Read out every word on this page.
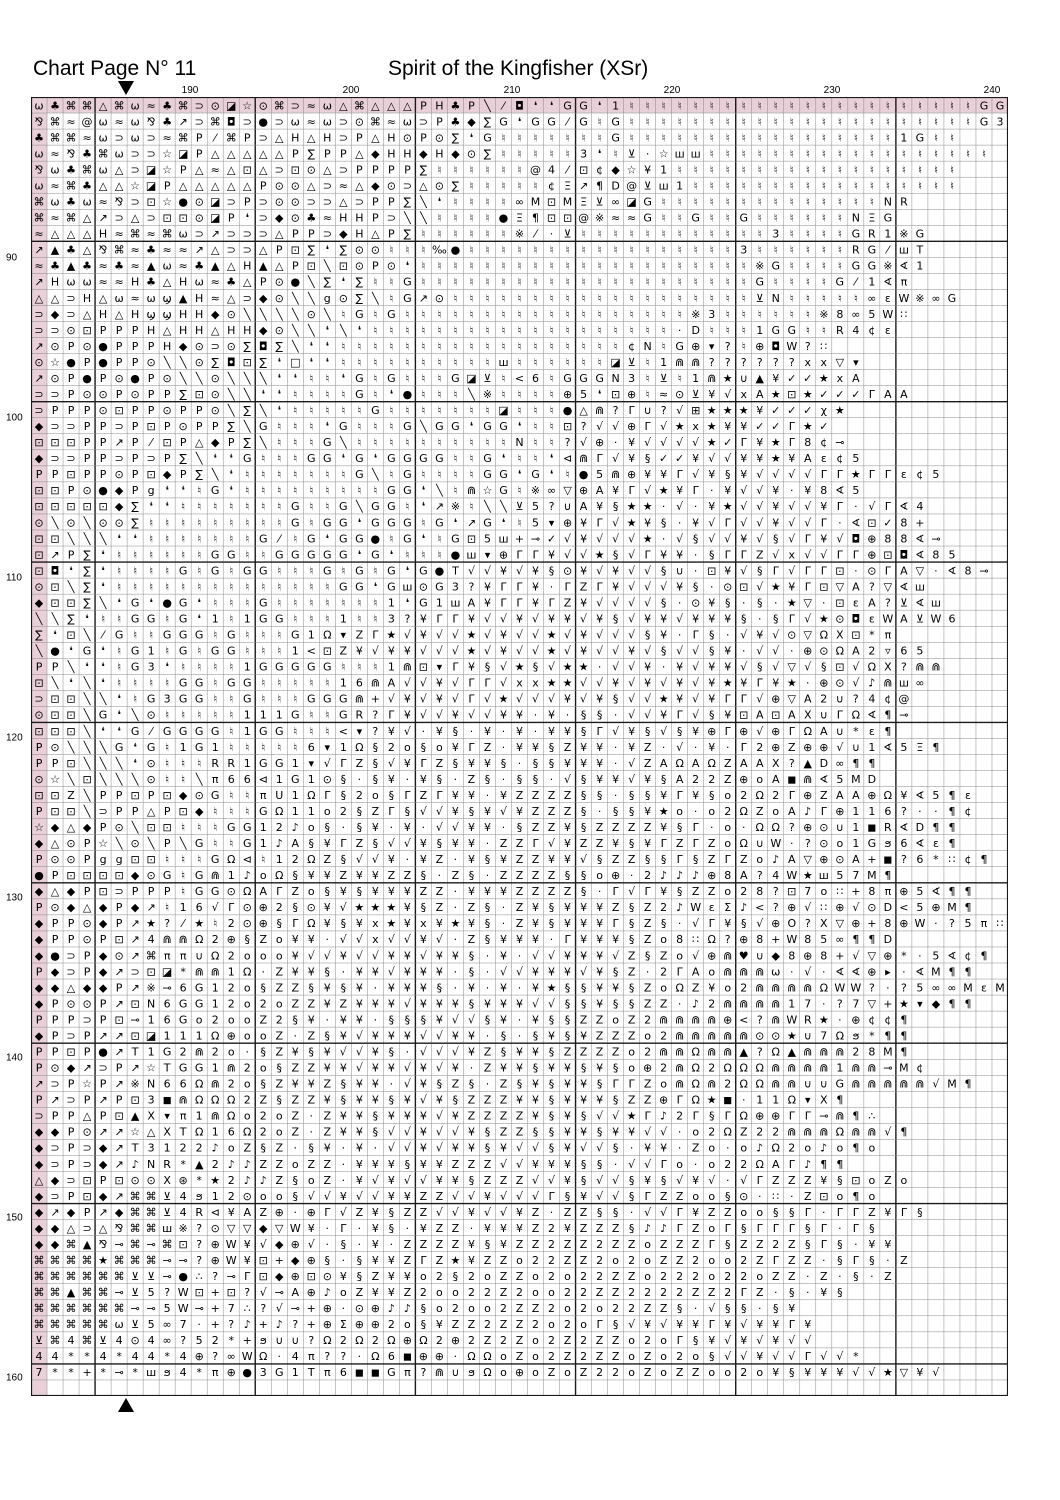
Chart Page N° 11	Spirit of the Kingfisher (XSr)
190	200	210	220	230	240
90
100
110
120
130
140
150
160
ω ♣ ⌘ ⌘ △ ⌘ ω ≈ ♣ ⌘ ⊃ ⊙ ◪ ☆ ⊙ ⌘ ⊃ ≈ ω △ ⌘ △ △ △ P H ♣ P ╲ ⁄ ◘ ❛ ❛ G G ❛ 1 ♮ ♮ ♮ ♮ ♮ ♮ ♮ ♮ ♮ ♮ ♮ ♮ ♮ ♮ ♮ ♮ ♮ ♮ ♮ ♮ ♮ ♮ G G
⅋ ⌘ ≈ @ ω ≈ ω ⅋ ♣ ↗ ⊃ ⌘ ◘ ⊃ ● ⊃ ω ≈ ω ⊃ ⊙ ⌘ ≈ ω ⊃ P ♣ ◆ ∑ G ❛ G G ⁄ G ♮ G ♮ ♮ ♮ ♮ ♮ ♮ ♮ ♮ ♮ ♮ ♮ ♮ ♮ ♮ ♮ ♮ ♮ ♮ ♮ ♮ ♮ ♮ G 3
♣ ⌘ ⌘ ≈ ω ⊃ ω ⊃ ≈ ⌘ P ⁄ ⌘ P ⊃ △ H △ H ⊃ P △ H ⊙ P ⊙ ∑ ❛ G ♮ ♮ ♮ ♮ ♮ ♮ ♮ G ♮ ♮ ♮ ♮ ♮ ♮ ♮ ♮ ♮ ♮ ♮ ♮ ♮ ♮ ♮ ♮ ♮ 1 G ♮ ♮
ω ≈ ⅋ ♣ ⌘ ω ⊃ ⊃ ☆ ◪ P △ △ △ △ △ P ∑ P P △ ◆ H H ◆ H ◆ ⊙ ∑ ♮ ♮ ♮ ♮ ♮ 3 ❛ ♮ ⊻ · ☆ ш ш ♮ ♮ ♮ ♮ ♮ ♮ ♮ ♮ ♮ ♮ ♮ ♮ ♮ ♮ ♮ ♮ ♮ ♮
⅋ ω ♣ ⌘ ω △ ⊃ ◪ ☆ P △ ≈ △ ⊡ △ ⊃ ⊡ ⊙ △ ⊃ P P P P ∑ ♮ ♮ ♮ ♮ ♮ ♮ @ 4 ⁄ ⊡ ¢ ◆ ☆ ¥ 1 ♮ ♮ ♮ ♮ ♮ ♮ ♮ ♮ ♮ ♮ ♮ ♮ ♮ ♮ ♮ ♮ ♮ ♮
ω ≈ ⌘ ♣ △ △ ☆ ◪ P △ △ △ △ △ P ⊙ ⊙ △ ⊃ ≈ △ ◆ ⊙ ⊃ △ ⊙ ∑ ♮ ♮ ♮ ♮ ♮ ¢ Ξ ↗ ¶ D @ ⊻ ш 1 ♮ ♮ ♮ ♮ ♮ ♮ ♮ ♮ ♮ ♮ ♮ ♮ ♮ ♮ ♮ ♮ ♮
⌘ ω ♣ ω ≈ ⅋ ⊃ ⊡ ☆ ● ⊙ ◪ ⊃ P ⊃ ⊙ ⊙ ⊃ ⊃ △ ⊃ P P ∑ ╲ ❛ ♮ ♮ ♮ ♮ ∞ M ⊡ M Ξ ⊻ ∞ ◪ G ♮ ♮ ♮ ♮ ♮ ♮ ♮ ♮ ♮ ♮ ♮ ♮ ♮ ♮ N R
⌘ ≈ ⌘ △ ↗ ⊃ △ ⊃ ⊡ ⊡ ⊙ ◪ P ❛ ⊃ ◆ ⊙ ♣ ≈ H H P ⊃ ╲ ╲ ♮ ♮ ♮ ♮ ● Ξ ¶ ⊡ ⊡ @ ※ ≈ ≈ G ♮ ♮ G ♮ ♮ G ♮ ♮ ♮ ♮ ♮ ♮ N Ξ G
≈ △ △ △ H ≈ ⌘ ≈ ⌘ ω ⊃ ↗ ⊃ ⊃ ⊃ △ P P ⊃ ◆ H △ P ∑ ♮ ♮ ♮ ♮ ♮ ♮ ※ ⁄ · ⊻ ♮ ♮ ♮ ♮ ♮ ♮ ♮ ♮ ♮ ♮ ♮ ♮ 3 ♮ ♮ ♮ ♮ G R 1 ※ G
↗ ▲ ♣ △ ⅋ ⌘ ≈ ♣ ≈ ≈ ↗ △ ⊃ ⊃ △ P ⊡ ∑ ❛ ∑ ⊙ ⊙ ♮ ♮ ♮ ‰ ● ♮ ♮ ♮ ♮ ♮ ♮ ♮ ♮ ♮ ♮ ♮ ♮ ♮ ♮ ♮ ♮ ♮ 3 ♮ ♮ ♮ ♮ ♮ ♮ R G ⁄ ш T
≈ ♣ ▲ ♣ ≈ ♣ ≈ ▲ ω ≈ ♣ ▲ △ H ▲ △ P ⊡ ╲ ⊡ ⊙ P ⊙ ❛ ♮ ♮ ♮ ♮ ♮ ♮ ♮ ♮ ♮ ♮ ♮ ♮ ♮ ♮ ♮ ♮ ♮ ♮ ♮ ♮ ♮ ※ G ♮ ♮ ♮ ♮ G G ※ ∢ 1
↗ H ω ω ≈ ≈ H ♣ △ H ω ≈ ♣ △ P ⊙ ● ╲ ∑ ❛ ∑ ♮ ♮ G ♮ ♮ ♮ ♮ ♮ ♮ ♮ ♮ ♮ ♮ ♮ ♮ ♮ ♮ ♮ ♮ ♮ ♮ ♮ ♮ ♮ G ♮ ♮ ♮ ♮ G ⁄ 1 ∢ π
△ △ ⊃ H △ ω ≈ ω ϣ ▲ H ≈ △ ⊃ ◆ ⊙ ╲ ╲ g ⊙ ∑ ╲ ♮ G ↗ ⊙ ♮ ♮ ♮ ♮ ♮ ♮ ♮ ♮ ♮ ♮ ♮ ♮ ♮ ♮ ♮ ♮ ♮ ♮ ♮ ⊻ N ♮ ♮ ♮ ♮ ♮ ∞ ε W ※ ∞ G
⊃ ◆ ⊃ △ H △ H ϣ ϣ H H ◆ ⊙ ╲ ╲ ╲ ╲ ⊙ ╲ ♮ G ♮ G ♮ ♮ ♮ ♮ ♮ ♮ ♮ ♮ ♮ ♮ ♮ ♮ ♮ ♮ ♮ ♮ ♮ ♮ ※ 3 ♮ ♮ ♮ ♮ ♮ ♮ ※ 8 ∞ 5 W ∷
⊃ ⊃ ⊙ ⊡ P P P H △ H H △ H H ◆ ⊙ ╲ ╲ ❛ ╲ ❛ ♮ ♮ ♮ ♮ ♮ ♮ ♮ ♮ ♮ ♮ ♮ ♮ ♮ ♮ ♮ ♮ ♮ ♮ ♮ · D ♮ ♮ ♮ 1 G G ♮ ♮ R 4 ¢ ε
↗ ⊙ P ⊙ ● P P P H ◆ ⊙ ⊃ ⊙ ∑ ◘ ∑ ╲ ❛ ❛ ♮ ♮ ♮ ♮ ♮ ♮ ♮ ♮ ♮ ♮ ♮ ♮ ♮ ♮ ♮ ♮ ♮ ♮ ¢ N ♮ G ⊕ ▾ ? ♮ ⊕ ◘ W ? ∷
⊙ ☆ ● P ● P P ⊙ ╲ ╲ ⊙ ∑ ◘ ⊡ ∑ ❛ □ ❛ ❛ ♮ ♮ ♮ ♮ ♮ ♮ ♮ ♮ ♮ ♮ ш ♮ ♮ ♮ ♮ ♮ ♮ ◪ ⊻ ♮ 1 ⋒ ⋒ ? ? ? ? ? ? x x ▽ ▾
↗ ⊙ P ● P ⊙ ● P ⊙ ╲ ╲ ⊙ ╲ ╲ ╲ ❛ ❛ ♮ ♮ ❛ G ♮ G ♮ ♮ ♮ G ◪ ⊻ ♮ < 6 ♮ G G G N 3 ♮ ⊻ ♮ 1 ⋒ ★ ∪ ▲ ¥ ✓ ✓ ★ x A
⊃ ⊃ P ⊙ ⊙ P ⊙ P P ∑ ⊡ ⊙ ╲ ╲ ❛ ❛ ♮ ♮ ♮ ♮ G ♮ ❛ ● ♮ ♮ ♮ ╲ ※ ♮ ♮ ♮ ♮ ⊕ 5 ❛ ⊡ ⊕ ♮ ≈ ⊙ ⊻ ¥ √ x A ★ ⊡ ★ ✓ ✓ ✓ Γ A A
⊃ P P P ⊙ ⊡ P P ⊙ P P ⊙ ╲ ∑ ╲ ❛ ♮ ♮ ♮ ♮ ♮ G ♮ ♮ ♮ ♮ ♮ ♮ ♮ ◪ ♮ ♮ ♮ ● △ ⋒ ? Γ ∪ ? √ ⊞ ★ ★ ★ ¥ ✓ ✓ ✓ χ ★
◆ ⊃ ⊃ P P ⊃ P ⊡ P ⊙ P P ∑ ╲ G ♮ ♮ ♮ ❛ G ♮ ♮ ♮ G ╲ G G ❛ G G ❛ ♮ ♮ ⊡ ? √ √ ⊕ Γ √ ★ x ★ ¥ ¥ ✓ ✓ Γ ★ ✓
⊡ ⊡ ⊡ P P ↗ P ⁄ ⊡ P △ ◆ P ∑ ╲ ♮ ♮ ♮ G ╲ ♮ ♮ ♮ ♮ ♮ ♮ ♮ ♮ ♮ ♮ N ♮ ♮ ? √ ⊕ · ¥ √ √ √ √ ★ ✓ Γ ¥ ★ Γ 8 ¢ ⊸
◆ ⊃ ⊃ P P ⊃ P ⊃ P ∑ ╲ ❛ ❛ G ♮ ♮ ♮ G G ❛ G ❛ G G G G ♮ ♮ G ❛ ♮ ♮ ❛ ⊲ ⋒ Γ √ ¥ § ✓ ✓ ¥ √ √ ¥ ¥ ★ ¥ A ε ¢ 5
P P ⊡ P P ⊙ P ⊡ ◆ P ∑ ╲ ❛ ♮ ♮ ♮ ♮ ♮ ♮ ♮ G ╲ ♮ G ♮ ♮ ♮ ♮ G G ❛ G ❛ ♮ ● 5 ⋒ ⊕ ¥ ¥ Γ √ ¥ § ¥ √ √ √ √ Γ Γ ★ Γ Γ ε ¢ 5
⊡ ⊡ P ⊙ ● ◆ P g ❛ ❛ ♮ G ❛ ♮ ♮ ♮ ♮ ♮ ♮ ♮ ♮ ♮ G G ❛ ╲ ♮ ⋒ ☆ G ♮ ※ ∞ ▽ ⊕ A ¥ Γ √ ★ ¥ Γ · ¥ √ √ ¥ · ¥ 8 ∢ 5
⊡ ⊡ ⊡ ⊡ ⊡ ◆ ∑ ❛ ❛ ♮ ♮ ♮ ♮ ♮ ♮ ♮ G ♮ ♮ G ╲ G G ♮ ❛ ↗ ※ ♮ ╲ ╲ ⊻ 5 ? ∪ A ¥ § ★ ★ · √ · ¥ ★ √ √ ¥ √ √ ¥ Γ · √ Γ ∢ 4
⊙ ╲ ⊙ ╲ ⊙ ⊙ ∑ ♮ ♮ ♮ ♮ ♮ ♮ ♮ ♮ ♮ G ♮ G G ❛ G G G ♮ G ❛ ↗ G ❛ ♮ 5 ▾ ⊕ ¥ Γ √ ★ ¥ § · ¥ √ Γ √ √ ¥ √ √ Γ · ∢ ⊡ ✓ 8 +
⊡ ⊡ ╲ ╲ ╲ ❛ ❛ ♮ ♮ ♮ ♮ ♮ ♮ ♮ G ⁄ ♮ G ❛ G G ● ♮ G ❛ ♮ G ⊡ 5 ш + ⊸ ✓ √ ¥ √ √ √ ★ · √ § √ √ ¥ √ § √ Γ ¥ √ ◘ ⊕ 8 8 ∢ ⊸
⊡ ↗ P ∑ ❛ ♮ ♮ ♮ ♮ ♮ ♮ G G ♮ ♮ G G G G G ❛ G ❛ ♮ ♮ ♮ ● ш ▾ ⊕ Γ Γ ¥ √ √ ★ § √ Γ ¥ ¥ · § Γ Γ Z √ x √ √ Γ Γ ⊕ ⊡ ◘ ∢ 8 5
⊡ ◘ ❛ ∑ ❛ ♮ ♮ ♮ ♮ G ♮ G ♮ G G ♮ ♮ ♮ G ♮ G ♮ G ❛ G ● T √ √ ¥ √ ¥ § ⊙ ¥ √ ¥ √ √ § ∪ · ⊡ ¥ √ § Γ √ Γ Γ ⊡ · ⊙ Γ A ▽ · ∢ 8 ⊸
⊙ ⊡ ╲ ∑ ❛ ♮ ♮ ♮ ♮ ♮ ♮ ♮ ♮ ♮ ♮ ♮ ♮ ♮ ♮ G G ❛ G ш ⊙ G 3 ? ¥ Γ Γ ¥ · Γ Z Γ ¥ √ √ √ ¥ § · ⊙ ⊡ √ ★ ¥ Γ ⊡ ▽ A ? ▽ ∢ ш
◆ ⊡ ⊡ ∑ ╲ ❛ G ❛ ● G ❛ ♮ ♮ ♮ G ♮ ♮ ♮ ♮ ♮ ♮ ♮ 1 ❛ G 1 ш A ¥ Γ Γ ¥ Γ Z ¥ √ √ √ √ § · ⊙ ¥ § · § · ★ ▽ · ⊡ ε A ? ⊻ ∢ ш
╲ ╲ ∑ ❛ ♮ ♮ G G ♮ G ❛ 1 ♮ 1 G G ♮ ♮ ♮ 1 ♮ ♮ 3 ? ¥ Γ Γ ¥ √ √ ¥ √ ¥ ¥ √ ¥ § √ ¥ ¥ √ ¥ ¥ ¥ § · § Γ √ ★ ⊙ ◘ ε W A ⊻ W 6
∑ ❛ ⊡ ╲ ⁄ G ♮ ♮ G G G ♮ G ♮ ♮ ♮ G 1 Ω ▾ Z Γ ★ √ ¥ √ √ ★ √ ¥ √ √ ★ √ ¥ √ √ √ § ¥ · Γ § · √ ¥ √ ⊙ ▽ Ω X ⊡ * π
╲ ● ❛ G ❛ ♮ G 1 ♮ G ♮ G G ♮ ♮ ♮ 1 < ⊡ Z ¥ √ ¥ ¥ √ √ √ ★ √ ¥ √ √ ★ √ ¥ √ √ ¥ √ § √ √ § ¥ · √ √ · ⊕ ⊙ Ω A 2 ▿ 6 5
P P ╲ ❛ ❛ ♮ G 3 ❛ ♮ ♮ ♮ ♮ 1 G G G G G ♮ ♮ ♮ 1 ⋒ ⊡ ▾ Γ ¥ § √ ★ § √ ★ ★ · √ √ ¥ · ¥ √ ¥ ¥ √ § √ ▽ √ § ⊡ √ Ω X ? ⋒ ⋒
⊡ ╲ ❛ ╲ ❛ ♮ ♮ ♮ ♮ G G ♮ G G ♮ ♮ ♮ ♮ ♮ 1 6 ⋒ A √ √ ¥ √ Γ Γ √ x x ★ ★ √ √ ¥ √ ¥ √ ¥ √ ¥ ★ ¥ Γ ¥ ★ · ⊕ ⊙ √ ♪ ⋒ ш ∞
⊃ ⊡ ⊡ ╲ ╲ ❛ ♮ G 3 G G ♮ ♮ G ♮ ♮ ♮ G G G ⋒ + √ ¥ √ ¥ √ Γ √ ★ √ √ √ ¥ √ ¥ § √ √ ★ ¥ √ ¥ Γ Γ √ ⊕ ▽ A 2 ∪ ? 4 ¢ @
⊙ ⊡ ⊡ ╲ G ❛ ╲ ⊙ ♮ ♮ ♮ ♮ ♮ 1 1 1 G ♮ ♮ G R ? Γ ¥ √ √ ¥ √ √ ¥ ¥ · ¥ · § § · √ √ ¥ Γ √ § ¥ ⊡ A ⊡ A X ∪ Γ Ω ∢ ¶ ⊸
⊡ ⊡ ⊡ ╲ ❛ ❛ G ⁄ G G G G ♮ 1 G G ♮ ♮ ♮ < ▾ ? ¥ √ · ¥ § · ¥ · ¥ · ¥ ¥ § Γ √ ¥ § √ § ¥ ⊕ Γ ⊕ √ ⊕ Γ Ω A ∪ * ε ¶
P ⊙ ╲ ╲ ╲ G ❛ G ♮ 1 G 1 ♮ ♮ ♮ ♮ ♮ 6 ▾ 1 Ω § 2 o § o ¥ Γ Z · ¥ ¥ § Z ¥ ¥ · ¥ Z · √ · ¥ · Γ 2 ⊕ Z ⊕ ⊕ √ ∪ 1 ∢ 5 Ξ ¶
P P ⊡ ╲ ╲ ╲ ❛ ⊙ ♮ ♮ ♮ R R 1 G G 1 ▾ √ Γ Z § √ ¥ Γ Z § ¥ ¥ § · § § ¥ ¥ ¥ · √ Z A Ω A Ω Z A A X ? ▲ D ∞ ¶ ¶
⊙ ☆ ╲ ⊡ ╲ ╲ ╲ ⊙ ♮ ♮ ╲ π 6 6 ⊲ 1 G 1 ⊙ § · § ¥ · ¥ § · Z § · § § · √ § ¥ ¥ √ ¥ § A 2 2 Z ⊕ o A ◼ ⋒ ∢ 5 M D
⊡ ⊡ Z ╲ P P ⊡ P ⊡ ◆ ⊙ G ♮ ♮ π U 1 Ω Γ § 2 o § Γ Z Γ ¥ ¥ · ¥ Z Z Z Z § § · § § ¥ Γ ¥ § o 2 Ω 2 Γ ⊕ Z A A ⊕ Ω ¥ ∢ 5 ¶ ε
P ⊡ ⊡ ╲ ⊃ P P △ P ⊡ ◆ ♮ ♮ ♮ G Ω 1 1 o 2 § Z Γ § √ √ ¥ § ¥ √ ¥ Z Z Z § · § § ¥ ★ o · o 2 Ω Z o A ♪ Γ ⊕ 1 1 6 ? · · ¶ ¢
☆ ◆ △ ◆ P ⊙ ╲ ⊡ ⊡ ♮ ♮ ♮ G G 1 2 ♪ o § · § ¥ · ¥ · √ √ ¥ ¥ · § Z Z ¥ § Z Z Z Z ¥ § Γ · o · Ω Ω ? ⊕ ⊙ ∪ 1 ◼ R ∢ D ¶ ¶
◆ △ ⊙ P ☆ ╲ ⊙ ╲ P ╲ G ♮ ♮ G 1 ♪ A § ¥ Γ Z § √ √ ¥ § ¥ ¥ · Z Z Γ √ ¥ Z Z ¥ § ¥ Γ Z Γ Z o Ω ∪ W · ? ⊙ o 1 G ϧ 6 ∢ ε ¶
P ⊙ ⊙ P g g ⊡ ⊡ ♮ ♮ ♮ G Ω ⊲ ♮ 1 2 Ω Z § √ √ ¥ · ¥ Z · ¥ § ¥ Z Z ¥ ¥ √ § Z Z § § Γ § Z Γ Z o ♪ A ▽ ⊕ ⊙ A + ◼ ? 6 * ∷ ¢ ¶
● P ⊡ ⊡ ⊡ ⊡ ◆ ⊙ G ♮ G ⋒ 1 ♪ o Ω § ¥ ¥ Z ¥ ¥ Z Z § · Z § · Z Z Z Z § § o ⊕ · 2 ♪ ♪ ♪ ⊕ 8 A ? 4 W ★ ш 5 7 M ¶
◆ △ ◆ P ⊡ ⊃ P P P ♮ G G ⊙ Ω A Γ Z o § ¥ § ¥ ¥ ¥ Z Z · ¥ ¥ ¥ Z Z Z Z § · Γ √ Γ ¥ § Z Z o 2 8 ? ⊡ 7 o ∷ + 8 π ⊕ 5 ∢ ¶ ¶
P ⊙ ◆ △ ◆ P ◆ ↗ ♮ 1 6 √ Γ ⊙ ⊕ 2 § ⊙ ¥ √ ★ ★ ★ ¥ § Z · Z § · Z ¥ § ¥ ¥ ¥ Z § Z 2 ♪ W ε Σ ♪ < ? ⊕ √ ∷ ⊕ √ ⊙ D < 5 ⊕ M ¶
◆ P P ⊙ ◆ P ↗ ★ ? ⁄ ★ ♮ 2 ⊙ ⊕ § Γ Ω ¥ § ¥ x ★ ¥ x ¥ ★ ¥ § · Z ¥ § ¥ ¥ ¥ Γ § Z § · √ Γ ¥ § √ ⊕ O ? X ▽ ⊕ + 8 ⊕ W · ? 5 π ∷
◆ P P ⊙ P ⊡ ↗ 4 ⋒ ⋒ Ω 2 ⊕ § Z o ¥ ¥ · √ √ x √ √ ¥ √ · Z § ¥ ¥ ¥ · Γ ¥ ¥ ¥ § Z o 8 ∷ Ω ? ⊕ 8 + W 8 5 ∞ ¶ ¶ D
◆ ● ⊃ P ◆ ⊙ ↗ ⌘ π π ∪ Ω 2 o o o ¥ √ √ ¥ √ √ ¥ ¥ √ ¥ ¥ § · ¥ · √ √ ¥ ¥ ¥ √ Z § Z o √ ⊕ ⋒ ♥ ∪ ◆ 8 ⊕ 8 + √ ▽ ⊕ * · 5 ∢ ¢ ¶
P ◆ ⊃ P ◆ ↗ ⊃ ⊡ ◪ * ⋒ ⋒ 1 Ω · Z ¥ ¥ § · ¥ ¥ √ ¥ ¥ ¥ · § · √ √ ¥ ¥ ¥ √ ¥ § Z · 2 Γ A o ⋒ ⋒ ⋒ ω · √ · ∢ ∢ ⊕ ▸ · ∢ M ¶ ¶
◆ ◆ △ ◆ ◆ P ↗ ※ ⊸ 6 G 1 2 o § Z Z § ¥ § ¥ · ¥ ¥ ¥ § · ¥ · ¥ · ¥ ★ § § ¥ ¥ § Z o Ω Z ¥ o 2 ⋒ ⋒ ⋒ ⋒ Ω W W ? · ? 5 ∞ ∞ M ε M
◆ P ⊙ ⊙ P ↗ ⊡ N 6 G G 1 2 o 2 o Z Z ¥ Z ¥ ¥ ¥ √ ¥ ¥ ¥ § ¥ ¥ ¥ √ √ § § ¥ § § Z Z · ♪ 2 ⋒ ⋒ ⋒ ⋒ 1 7 · ? 7 ▽ + ★ ▾ ◆ ¶ ¶
P P P ⊃ P ⊡ ⊸ 1 6 G o 2 o o Z 2 § ¥ · ¥ ¥ · § § § ¥ √ √ § ¥ · ¥ § § Z Z o Z 2 ⋒ ⋒ ⋒ ⋒ ⊕ < ? ⋒ W R ★ · ⊕ ¢ ¢ ¶
◆ P ⊃ P ↗ ↗ ⊡ ◪ 1 1 1 Ω ⊕ o o Z · Z § ¥ √ ¥ ¥ ¥ √ √ ¥ ¥ · § · § ¥ § ¥ Z Z Z o 2 ⋒ ⋒ ⋒ ⋒ ⋒ ⊙ ⊙ ★ ∪ 7 Ω ϧ * ¶ ¶
P P ⊡ P ● ↗ T 1 G 2 ⋒ 2 o · § Z ¥ § ¥ √ √ ¥ § · √ √ √ ¥ Z § ¥ ¥ § Z Z Z Z o 2 ⋒ ⋒ Ω ⋒ ⋒ ▲ ? Ω ▲ ⋒ ⋒ ⋒ 2 8 M ¶
P ⊙ ◆ ↗ ⊃ P ↗ ☆ T G G 1 ⋒ 2 o § Z Z ¥ ¥ √ ¥ ¥ √ ¥ √ ¥ · Z ¥ ¥ § ¥ ¥ § ¥ § o ⊕ 2 ⋒ Ω 2 Ω Ω Ω ⋒ ⋒ ⋒ ⋒ 1 ⋒ ⋒ ⊸ M ¢
↗ ⊃ P ☆ P ↗ ※ N 6 6 Ω ⋒ 2 o § Z ¥ ¥ Z § ¥ ¥ · √ ¥ § Z § · Z § ¥ § ¥ ¥ § Γ Γ Z o ⋒ Ω ⋒ 2 Ω Ω ⋒ ⋒ ∪ ∪ G ⋒ ⋒ ⋒ ⋒ ⋒ √ M ¶
P ↗ ⊃ P ↗ P ⊡ 3 ◼ ⋒ Ω Ω Ω 2 Z § Z Z ¥ § ¥ ¥ § ¥ √ ¥ § Z Z Z ¥ ¥ § ¥ ¥ ¥ § Z Z ⊕ Γ Ω ★ ◼ · 1 1 Ω ▾ X ¶
⊃ P P △ P ⊡ ▲ X ▾ π 1 ⋒ Ω o 2 o Z · Z ¥ ¥ § ¥ ¥ ¥ √ ¥ Z Z Z Z ¥ § ¥ § √ √ ★ Γ ♪ 2 Γ § Γ Ω ⊕ ⊕ Γ Γ ⊸ ⋒ ¶ ∴
◆ ◆ P ⊙ ↗ ↗ ☆ △ X T Ω 1 6 Ω 2 o Z · Z ¥ ¥ § √ √ ¥ √ √ ¥ § Z Z § § ¥ ¥ § ¥ ¥ √ √ · o 2 Ω Z 2 2 ⋒ ⋒ ⋒ Ω ⋒ ⋒ √ ¶
◆ ⊃ P ⊃ ◆ ↗ T 3 1 2 2 ♪ o Z § Z · § ¥ · ¥ · √ √ ¥ √ ¥ ¥ § ¥ √ √ § ¥ √ √ § · ¥ ¥ · Z o · o ♪ Ω 2 o ♪ o ¶ o
◆ ⊃ P ⊃ ◆ ↗ ♪ N R * ▲ 2 ♪ ♪ Z Z o Z Z · ¥ ¥ ¥ § ¥ ¥ Z Z Z √ √ ¥ ¥ ¥ § § · √ √ Γ o · o 2 2 Ω A Γ ♪ ¶ ¶
△ ◆ ⊃ ⊡ P ⊡ ⊙ ⊙ X ⊛ * ★ 2 ♪ ♪ Z § o Z · ¥ √ ¥ √ √ ¥ ¥ § Z Z Z √ √ ¥ § √ √ § ¥ § √ ¥ √ · √ Γ Z Z Z ¥ § ⊡ o Z o
◆ ⊃ P ⊡ ◆ ↗ ⌘ ⌘ ⊻ 4 ϧ 1 2 ⊙ o o § √ √ ¥ √ √ ¥ ¥ Z Z √ √ ¥ √ √ √ Γ § ¥ √ √ § Γ Z Z o o § ⊙ · ∷ · Z ⊡ o ¶ o
◆ ↗ ◆ P ↗ ◆ ⌘ ⌘ ⊻ 4 R ⊲ ¥ A Z ⊕ · ⊕ Γ √ Z ¥ § Z Z √ √ ¥ √ √ ¥ Z · Z Z § § · √ √ Γ ¥ Z Z o o § § Γ · Γ Γ Z ¥ Γ §
◆ ◆ △ ⊃ △ ⅋ ⌘ ⌘ ш ※ ? ⊙ ▽ ▽ ◆ ▽ W ¥ · Γ · ¥ § · ¥ Z Z · ¥ ¥ ¥ Z 2 ¥ Z Z Z § ♪ ♪ Γ Z o Γ § Γ Γ Γ § Γ · Γ §
◆ ◆ ⌘ ▲ ⅋ ⊸ ⌘ ⊸ ⌘ ⊡ ? ⊕ W ¥ √ ◆ ⊕ √ · § · ¥ · Z Z Z Z ¥ § ¥ Z Z 2 Z Z 2 Z Z o Z Z Z Γ § Z Z 2 Z § Γ § · ¥ ¥
⌘ ⌘ ⌘ ⌘ ★ ⌘ ⌘ ⌘ ⊸ ⊸ ? ⊕ W ¥ ⊡ + ◆ ⊕ § · § ¥ ¥ Z Γ Z ★ ¥ Z Z o 2 2 Z Z 2 o 2 o Z Z 2 o o 2 Z Γ Z Z · § Γ § · Z
⌘ ⌘ ⌘ ⌘ ⌘ ⌘ ⊻ ⊻ ⊸ ● ∴ ? ⊸ Γ ⊡ ◆ ⊕ ⊡ ⊙ ¥ § Z ¥ ¥ o 2 § 2 o Z Z o 2 o 2 2 Z Z o 2 2 2 o 2 2 o Z Z · Z · § · Z
⌘ ⌘ ▲ ⌘ ⌘ ⊸ ⊻ 5 ? W ⊡ + ⊡ ? √ ⊸ A ⊕ ♪ o Z ¥ ¥ Z 2 o o 2 2 Z 2 o o 2 2 Z Z 2 2 2 2 Z Z 2 Γ Z · § · ¥ §
⌘ ⌘ ⌘ ⌘ ⌘ ⌘ ⊸ ⊸ 5 W ⊸ + 7 ∴ ? √ ⊸ + ⊕ · ⊙ ⊕ ♪ ♪ § o 2 o o 2 Z Z 2 o 2 o 2 2 Z Z § · √ § § · § ¥
⌘ ⌘ ⌘ ⌘ ⌘ ω ⊻ 5 ∞ 7 · + ? ♪ + ♪ ? + ⊕ Σ ⊕ ⊕ 2 o § ¥ Z Z 2 Z Z 2 o 2 o Γ § √ ¥ √ ¥ ¥ Γ ¥ √ ¥ ¥ Γ ¥
⊻ ⌘ 4 ⌘ ⊻ 4 ⊙ 4 ∞ ? 5 2 * + ϧ ∪ ∪ ? Ω 2 Ω 2 Ω ⊕ Ω 2 ⊕ 2 Z 2 Z o 2 Z 2 Z Z o 2 o Γ § ¥ √ ¥ √ ¥ √ √
4 4 * * 4 * 4 4 * 4 ⊕ ? ∞ W Ω · 4 π ? ? · Ω 6 ◼ ⊕ ⊕ · Ω Ω o Z o 2 Z 2 Z Z o Z o 2 o § √ √ ¥ √ √ Γ √ √ *
7 * * + * ⊸ * ш ϧ 4 * π ⊕ ● 3 G 1 T π 6 ◼ ◼ G π ? ⋒ ∪ ϧ Ω o ⊕ o Z o Z 2 2 o Z o Z Z o o 2 o ¥ § ¥ ¥ ¥ √ √ ★ ▽ ¥ √
